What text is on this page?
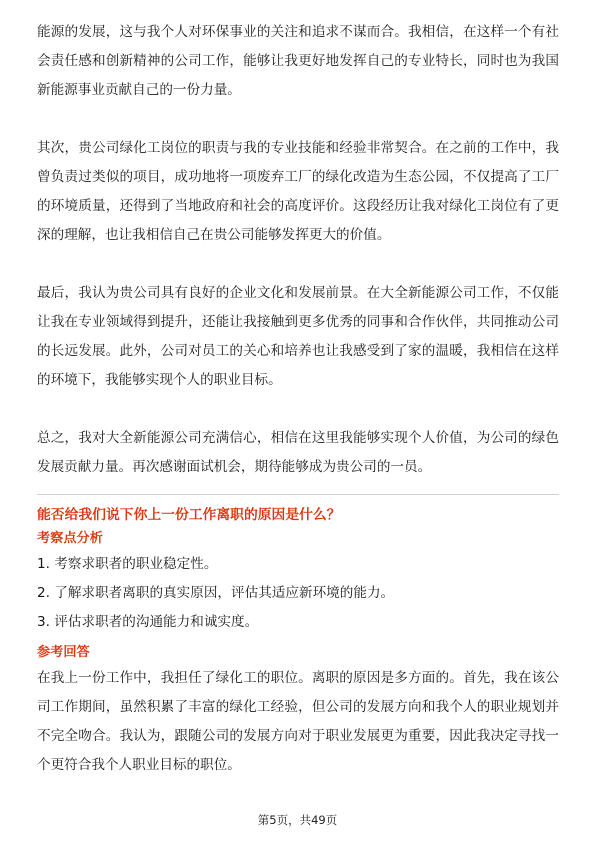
能源的发展，这与我个人对环保事业的关注和追求不谋而合。我相信，在这样一个有社会责任感和创新精神的公司工作，能够让我更好地发挥自己的专业特长，同时也为我国新能源事业贡献自己的一份力量。

其次，贵公司绿化工岗位的职责与我的专业技能和经验非常契合。在之前的工作中，我曾负责过类似的项目，成功地将一项废弃工厂的绿化改造为生态公园，不仅提高了工厂的环境质量，还得到了当地政府和社会的高度评价。这段经历让我对绿化工岗位有了更深的理解，也让我相信自己在贵公司能够发挥更大的价值。

最后，我认为贵公司具有良好的企业文化和发展前景。在大全新能源公司工作，不仅能让我在专业领域得到提升，还能让我接触到更多优秀的同事和合作伙伴，共同推动公司的长远发展。此外，公司对员工的关心和培养也让我感受到了家的温暖，我相信在这样的环境下，我能够实现个人的职业目标。

总之，我对大全新能源公司充满信心，相信在这里我能够实现个人价值，为公司的绿色发展贡献力量。再次感谢面试机会，期待能够成为贵公司的一员。

能否给我们说下你上一份工作离职的原因是什么？

考察点分析

1. 考察求职者的职业稳定性。
2. 了解求职者离职的真实原因，评估其适应新环境的能力。
3. 评估求职者的沟通能力和诚实度。

参考回答

在我上一份工作中，我担任了绿化工的职位。离职的原因是多方面的。首先，我在该公司工作期间，虽然积累了丰富的绿化工经验，但公司的发展方向和我个人的职业规划并不完全吻合。我认为，跟随公司的发展方向对于职业发展更为重要，因此我决定寻找一个更符合我个人职业目标的职位。

第5页，共49页
